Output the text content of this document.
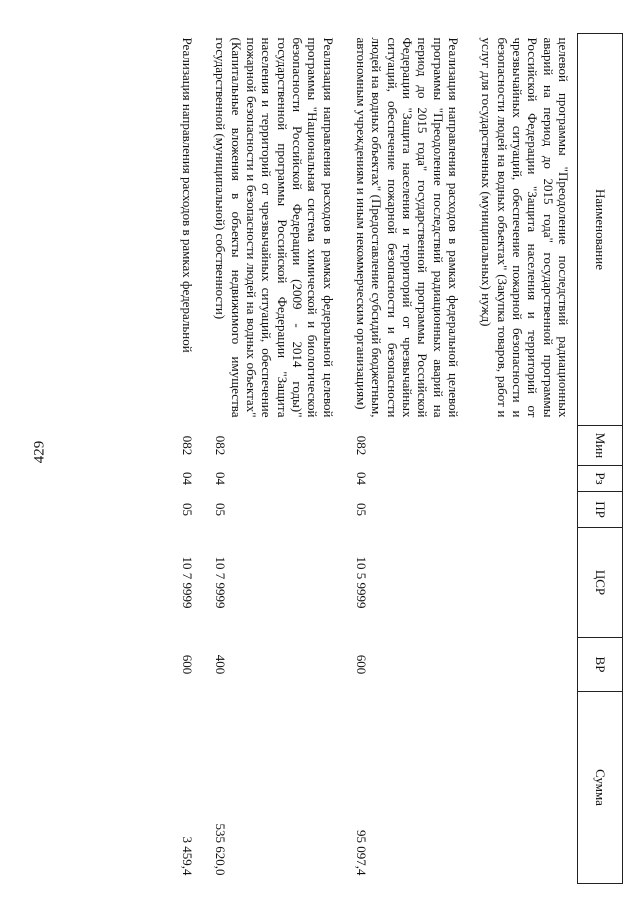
429
Наименование	Мин	Рз	ПР	ЦСР	ВР	Сумма
целевой программы "Преодоление последствий радиационных аварий на период до 2015 года" государственной программы Российской Федерации "Защита населения и территорий от чрезвычайных ситуаций, обеспечение пожарной безопасности и безопасности людей на водных объектах" (Закупка товаров, работ и услуг для государственных (муниципальных) нужд)						
Реализация направления расходов в рамках федеральной целевой программы "Преодоление последствий радиационных аварий на период до 2015 года" государственной программы Российской Федерации "Защита населения и территорий от чрезвычайных ситуаций, обеспечение пожарной безопасности и безопасности людей на водных объектах" (Предоставление субсидий бюджетным, автономным учреждениям и иным некоммерческим организациям)	082	04	05	10 5 9999	600	95 097,4
Реализация направления расходов в рамках федеральной целевой программы "Национальная система химической и биологической безопасности Российской Федерации (2009 - 2014 годы)" государственной программы Российской Федерации "Защита населения и территорий от чрезвычайных ситуаций, обеспечение пожарной безопасности и безопасности людей на водных объектах" (Капитальные вложения в объекты недвижимого имущества государственной (муниципальной) собственности)	082	04	05	10 7 9999	400	535 620,0
Реализация направления расходов в рамках федеральной	082	04	05	10 7 9999	600	3 459,4
